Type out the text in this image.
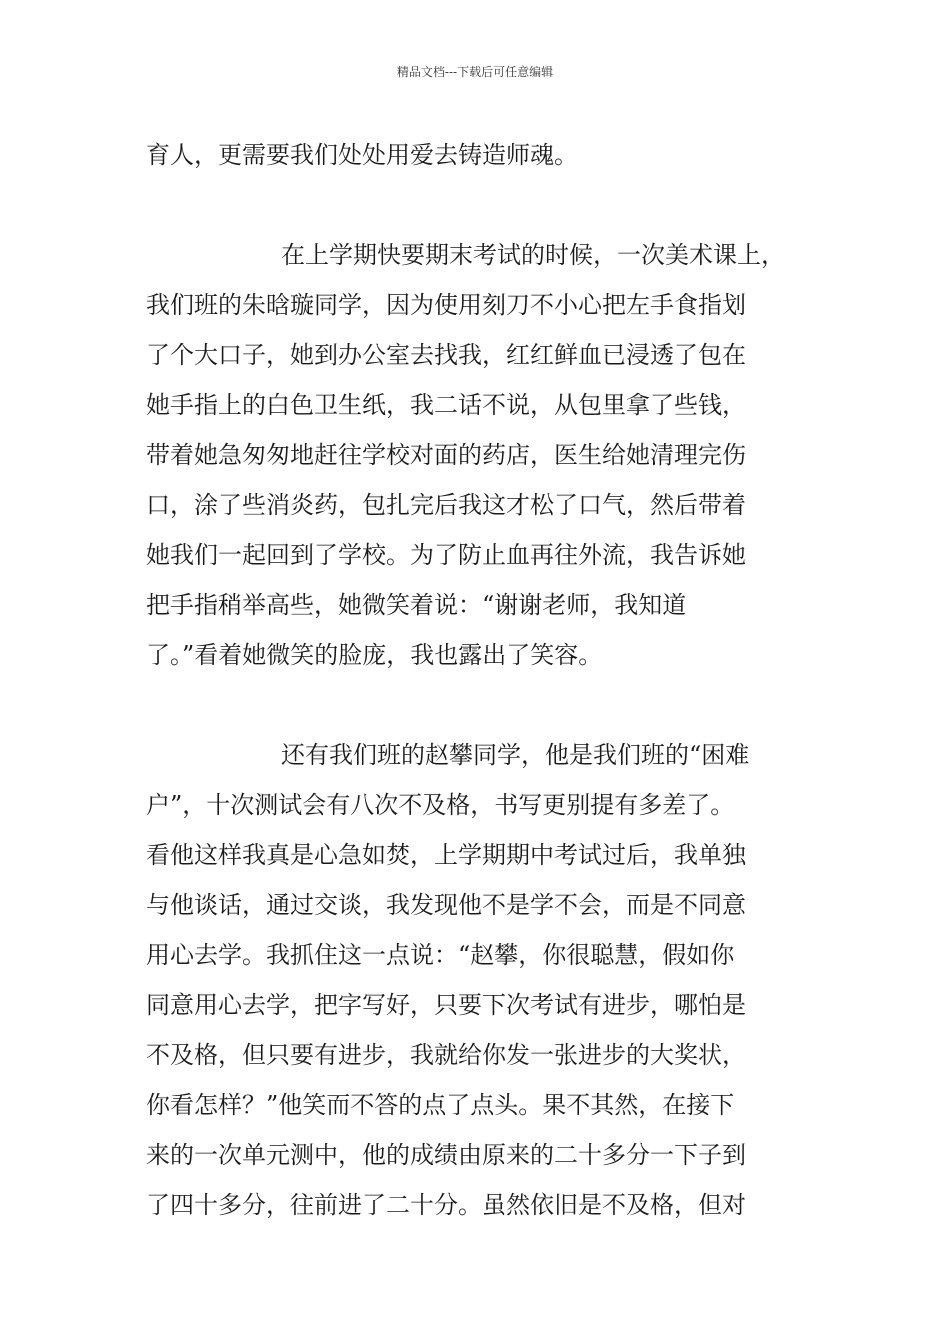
精品文档---下载后可任意编辑
育人，更需要我们处处用爱去铸造师魂。
在上学期快要期末考试的时候，一次美术课上，
我们班的朱晗璇同学，因为使用刻刀不小心把左手食指划
了个大口子，她到办公室去找我，红红鲜血已浸透了包在
她手指上的白色卫生纸，我二话不说，从包里拿了些钱，
带着她急匆匆地赶往学校对面的药店，医生给她清理完伤
口，涂了些消炎药，包扎完后我这才松了口气，然后带着
她我们一起回到了学校。为了防止血再往外流，我告诉她
把手指稍举高些，她微笑着说：“谢谢老师，我知道
了。”看着她微笑的脸庞，我也露出了笑容。
还有我们班的赵攀同学，他是我们班的“困难
户”，十次测试会有八次不及格，书写更别提有多差了。
看他这样我真是心急如焚，上学期期中考试过后，我单独
与他谈话，通过交谈，我发现他不是学不会，而是不同意
用心去学。我抓住这一点说：“赵攀，你很聪慧，假如你
同意用心去学，把字写好，只要下次考试有进步，哪怕是
不及格，但只要有进步，我就给你发一张进步的大奖状，
你看怎样？”他笑而不答的点了点头。果不其然，在接下
来的一次单元测中，他的成绩由原来的二十多分一下子到
了四十多分，往前进了二十分。虽然依旧是不及格，但对
